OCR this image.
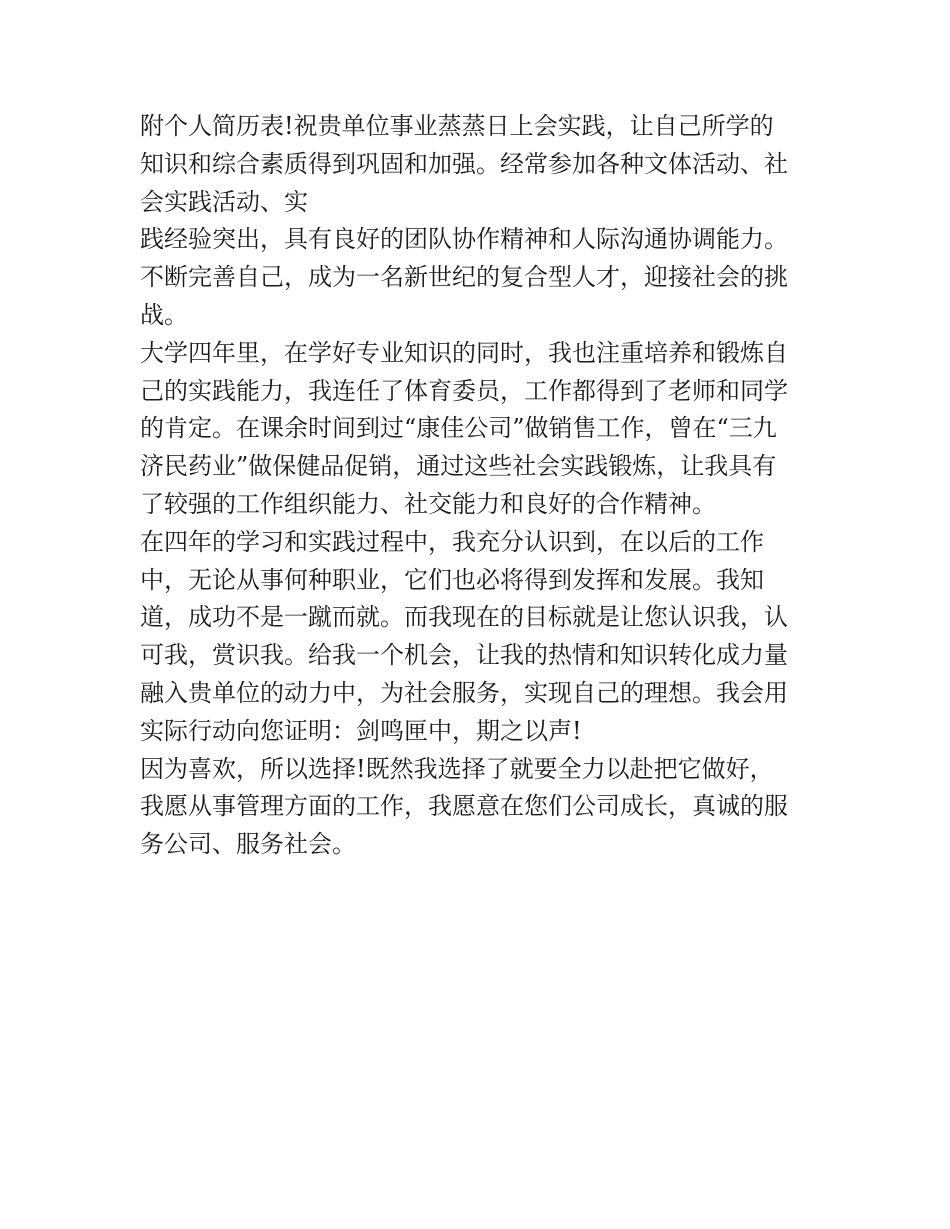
附个人简历表!祝贵单位事业蒸蒸日上会实践，让自己所学的
知识和综合素质得到巩固和加强。经常参加各种文体活动、社
会实践活动、实
践经验突出，具有良好的团队协作精神和人际沟通协调能力。
不断完善自己，成为一名新世纪的复合型人才，迎接社会的挑
战。
大学四年里，在学好专业知识的同时，我也注重培养和锻炼自
己的实践能力，我连任了体育委员，工作都得到了老师和同学
的肯定。在课余时间到过“康佳公司”做销售工作，曾在“三九
济民药业”做保健品促销，通过这些社会实践锻炼，让我具有
了较强的工作组织能力、社交能力和良好的合作精神。
在四年的学习和实践过程中，我充分认识到，在以后的工作
中，无论从事何种职业，它们也必将得到发挥和发展。我知
道，成功不是一蹴而就。而我现在的目标就是让您认识我，认
可我，赏识我。给我一个机会，让我的热情和知识转化成力量
融入贵单位的动力中，为社会服务，实现自己的理想。我会用
实际行动向您证明：剑鸣匣中，期之以声!
因为喜欢，所以选择!既然我选择了就要全力以赴把它做好，
我愿从事管理方面的工作，我愿意在您们公司成长，真诚的服
务公司、服务社会。
